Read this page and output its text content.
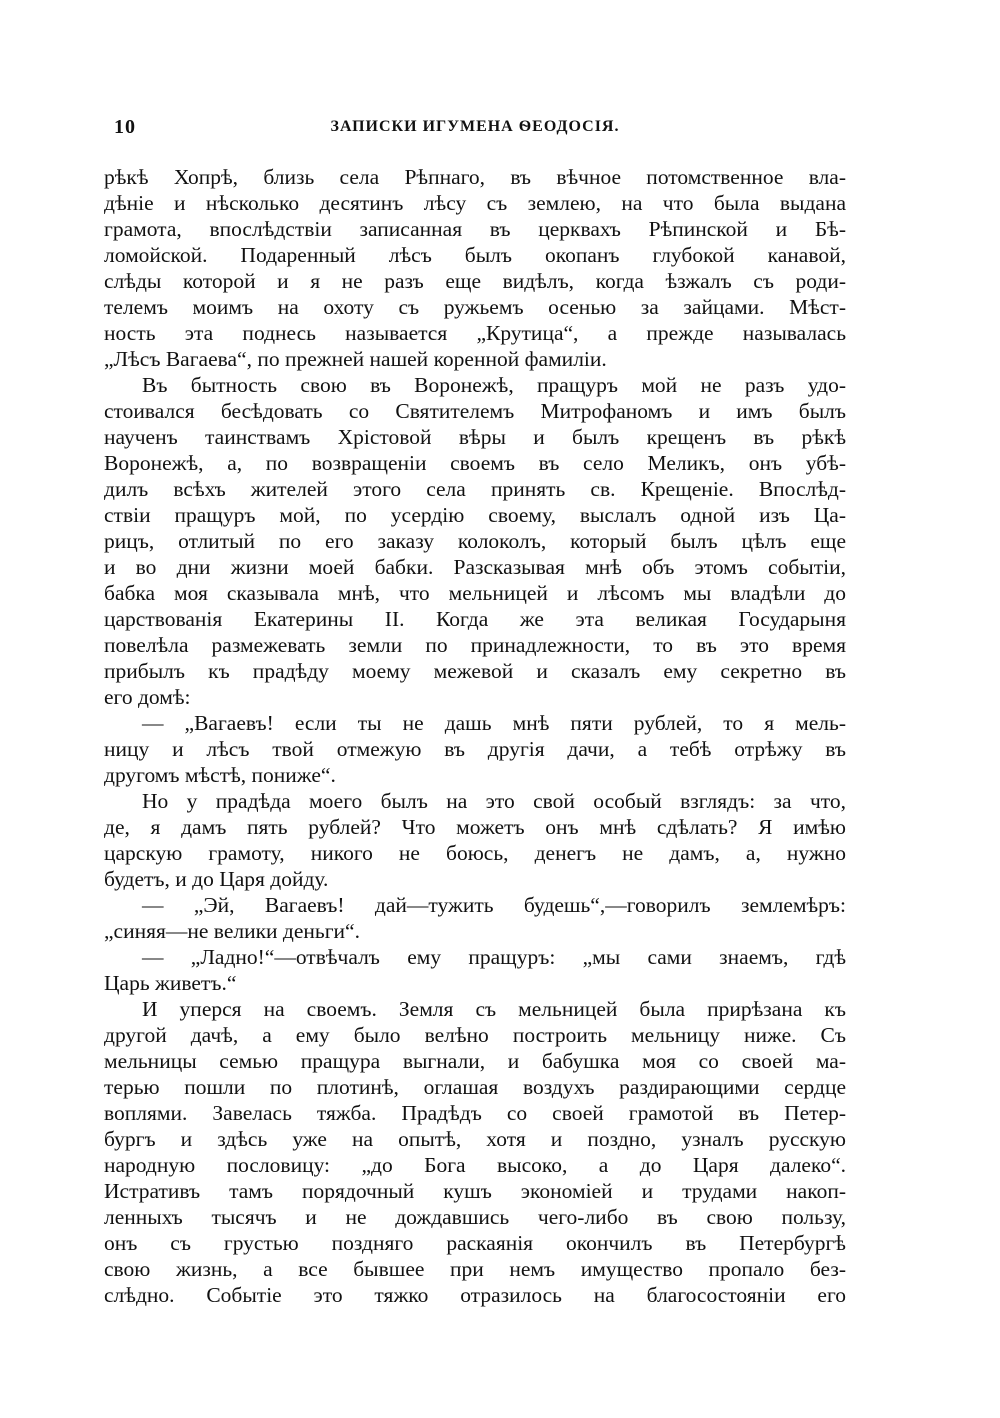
10	ЗАПИСКИ ИГУМЕНА ѲЕОДОСІЯ.
рѣкѣ Хопрѣ, близь села Рѣпнаго, въ вѣчное потомственное вла-
дѣніе и нѣсколько десятинъ лѣсу съ землею, на что была выдана
грамота, впослѣдствіи записанная въ церквахъ Рѣпинской и Бѣ-
ломойской. Подаренный лѣсъ былъ окопанъ глубокой канавой,
слѣды которой и я не разъ еще видѣлъ, когда ѣзжалъ съ роди-
телемъ моимъ на охоту съ ружьемъ осенью за зайцами. Мѣст-
ность эта поднесь называется „Крутица“, а прежде называлась
„Лѣсъ Вагаева“, по прежней нашей коренной фамиліи.
Въ бытность свою въ Воронежѣ, пращуръ мой не разъ удо-
стоивался бесѣдовать со Святителемъ Митрофаномъ и имъ былъ
наученъ таинствамъ Хрістовой вѣры и былъ крещенъ въ рѣкѣ
Воронежѣ, а, по возвращеніи своемъ въ село Меликъ, онъ убѣ-
дилъ всѣхъ жителей этого села принять св. Крещеніе. Впослѣд-
ствіи пращуръ мой, по усердію своему, выслалъ одной изъ Ца-
рицъ, отлитый по его заказу колоколъ, который былъ цѣлъ еще
и во дни жизни моей бабки. Разсказывая мнѣ объ этомъ событіи,
бабка моя сказывала мнѣ, что мельницей и лѣсомъ мы владѣли до
царствованія Екатерины II. Когда же эта великая Государыня
повелѣла размежевать земли по принадлежности, то въ это время
прибылъ къ прадѣду моему межевой и сказалъ ему секретно въ
его домѣ:
— „Вагаевъ! если ты не дашь мнѣ пяти рублей, то я мель-
ницу и лѣсъ твой отмежую въ другія дачи, а тебѣ отрѣжу въ
другомъ мѣстѣ, пониже“.
Но у прадѣда моего былъ на это свой особый взглядъ: за что,
де, я дамъ пять рублей? Что можетъ онъ мнѣ сдѣлать? Я имѣю
царскую грамоту, никого не боюсь, денегъ не дамъ, а, нужно
будетъ, и до Царя дойду.
— „Эй, Вагаевъ! дай—тужить будешь“,—говорилъ землемѣръ:
„синяя—не велики деньги“.
— „Ладно!“—отвѣчалъ ему пращуръ: „мы сами знаемъ, гдѣ
Царь живетъ.“
И уперся на своемъ. Земля съ мельницей была прирѣзана къ
другой дачѣ, а ему было велѣно построить мельницу ниже. Съ
мельницы семью пращура выгнали, и бабушка моя со своей ма-
терью пошли по плотинѣ, оглашая воздухъ раздирающими сердце
воплями. Завелась тяжба. Прадѣдъ со своей грамотой въ Петер-
бургъ и здѣсь уже на опытѣ, хотя и поздно, узналъ русскую
народную пословицу: „до Бога высоко, а до Царя далеко“.
Истративъ тамъ порядочный кушъ экономіей и трудами накоп-
ленныхъ тысячъ и не дождавшись чего-либо въ свою пользу,
онъ съ грустью поздняго раскаянія окончилъ въ Петербургѣ
свою жизнь, а все бывшее при немъ имущество пропало без-
слѣдно. Событіе это тяжко отразилось на благосостояніи его
